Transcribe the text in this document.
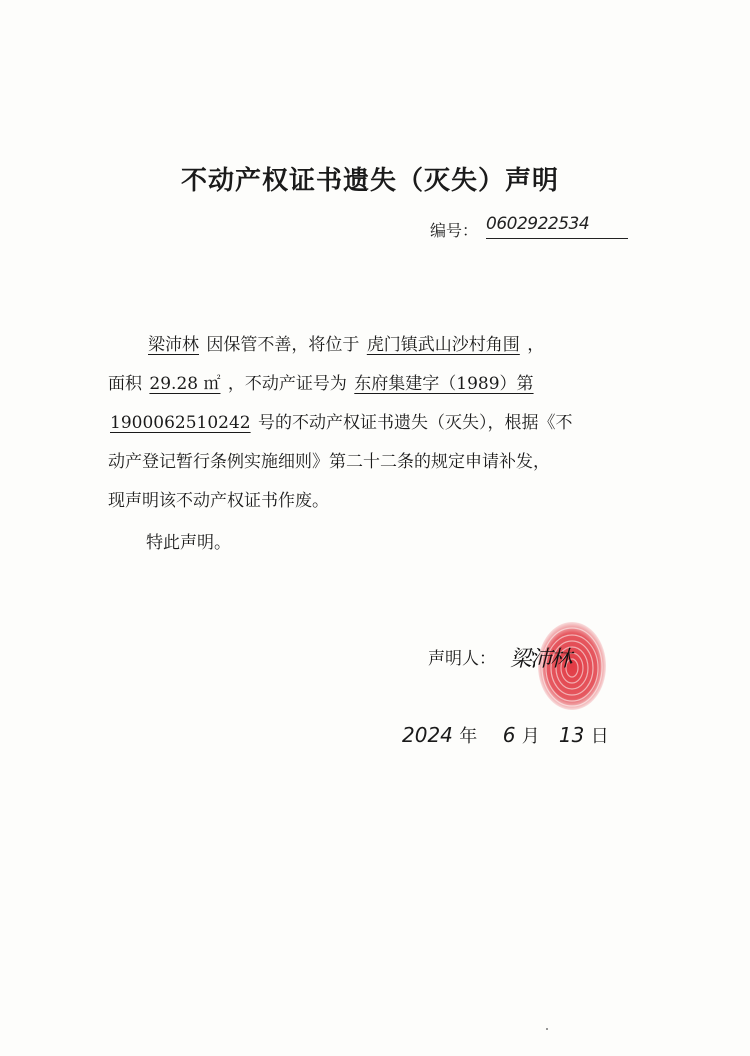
不动产权证书遗失（灭失）声明
编号： 0602922534
梁沛林 因保管不善，将位于 虎门镇武山沙村角围 ，
面积 29.28 ㎡ ，不动产证号为 东府集建字（1989）第
1900062510242 号的不动产权证书遗失（灭失），根据《不
动产登记暂行条例实施细则》第二十二条的规定申请补发，
现声明该不动产权证书作废。
特此声明。
声明人： 梁沛林
2024 年 6 月 13 日
